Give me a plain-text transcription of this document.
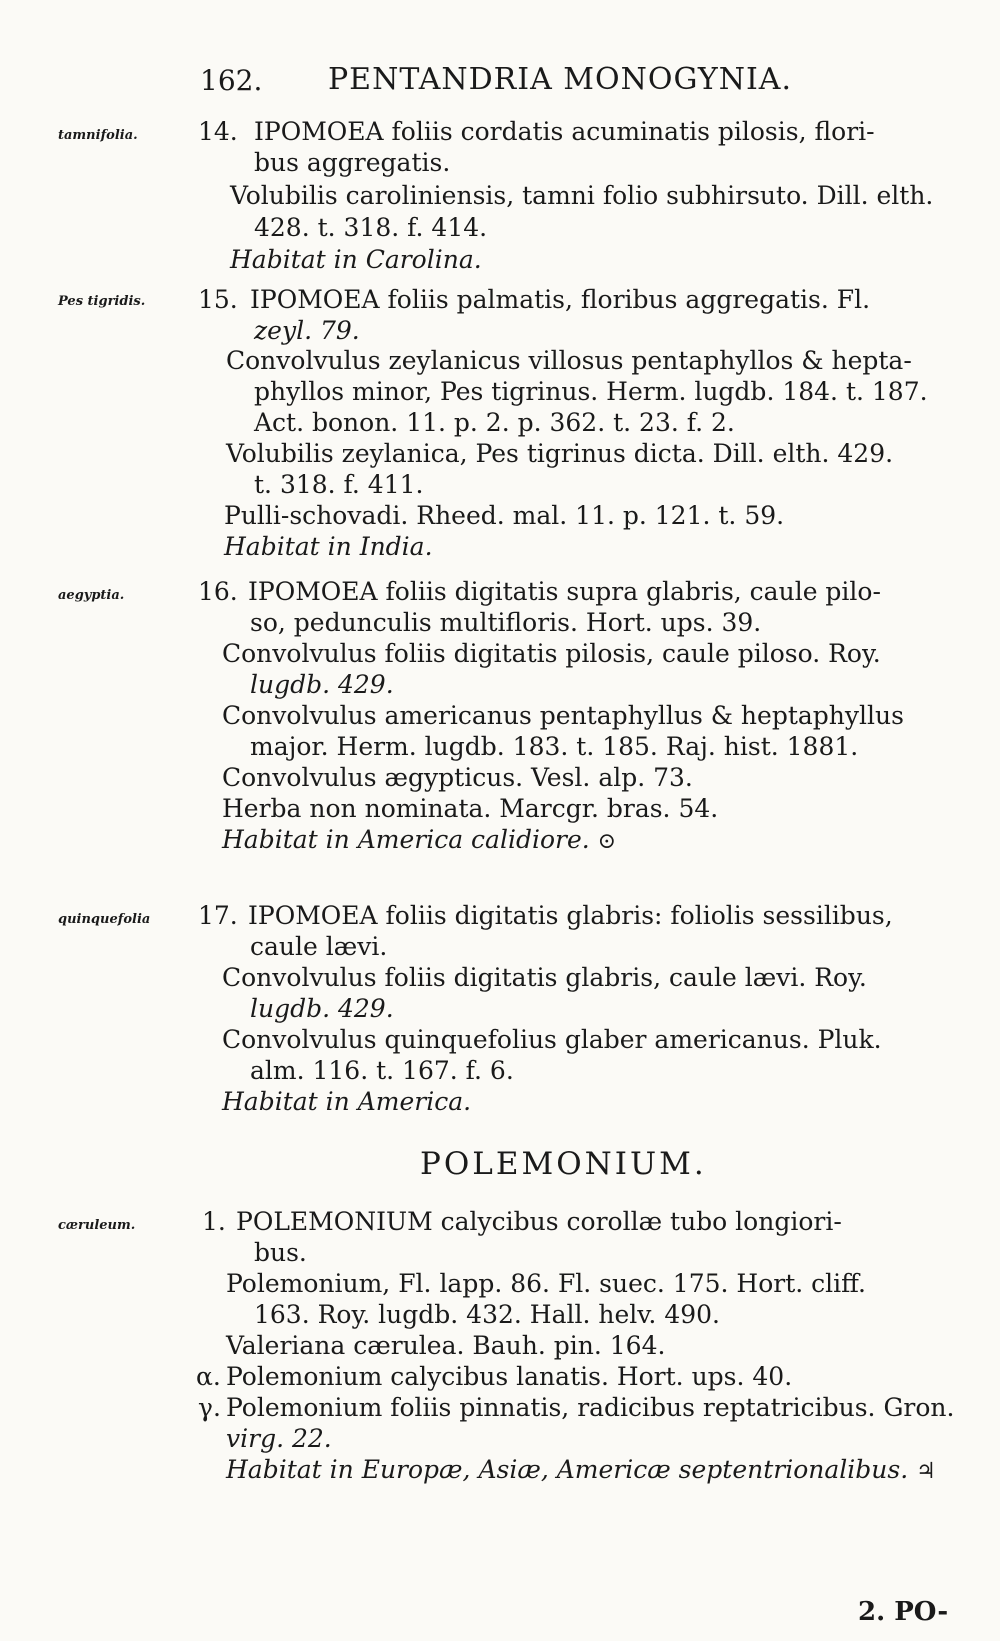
162. PENTANDRIA MONOGYNIA.
tamnifolia.	14. IPOMOEA foliis cordatis acuminatis pilosis, flori-
bus aggregatis.
Volubilis caroliniensis, tamni folio subhirsuto. Dill. elth.
428. t. 318. f. 414.
Habitat in Carolina.
Pes tigridis.	15. IPOMOEA foliis palmatis, floribus aggregatis. Fl.
zeyl. 79.
Convolvulus zeylanicus villosus pentaphyllos & hepta-
phyllos minor, Pes tigrinus. Herm. lugdb. 184. t. 187.
Act. bonon. 11. p. 2. p. 362. t. 23. f. 2.
Volubilis zeylanica, Pes tigrinus dicta. Dill. elth. 429.
t. 318. f. 411.
Pulli-schovadi. Rheed. mal. 11. p. 121. t. 59.
Habitat in India.
aegyptia.	16. IPOMOEA foliis digitatis supra glabris, caule pilo-
so, pedunculis multifloris. Hort. ups. 39.
Convolvulus foliis digitatis pilosis, caule piloso. Roy.
lugdb. 429.
Convolvulus americanus pentaphyllus & heptaphyllus
major. Herm. lugdb. 183. t. 185. Raj. hist. 1881.
Convolvulus ægypticus. Vesl. alp. 73.
Herba non nominata. Marcgr. bras. 54.
Habitat in America calidiore. ⊙
quinquefolia	17. IPOMOEA foliis digitatis glabris: foliolis sessilibus,
caule lævi.
Convolvulus foliis digitatis glabris, caule lævi. Roy.
lugdb. 429.
Convolvulus quinquefolius glaber americanus. Pluk.
alm. 116. t. 167. f. 6.
Habitat in America.
POLEMONIUM.
cærulеum.	1. POLEMONIUM calycibus corollæ tubo longiori-
bus.
Polemonium, Fl. lapp. 86. Fl. suec. 175. Hort. cliff.
163. Roy. lugdb. 432. Hall. helv. 490.
Valeriana cærulea. Bauh. pin. 164.
α. Polemonium calycibus lanatis. Hort. ups. 40.
γ. Polemonium foliis pinnatis, radicibus reptatricibus. Gron.
virg. 22.
Habitat in Europæ, Asiæ, Americæ septentrionalibus. ♃
2. PO-
